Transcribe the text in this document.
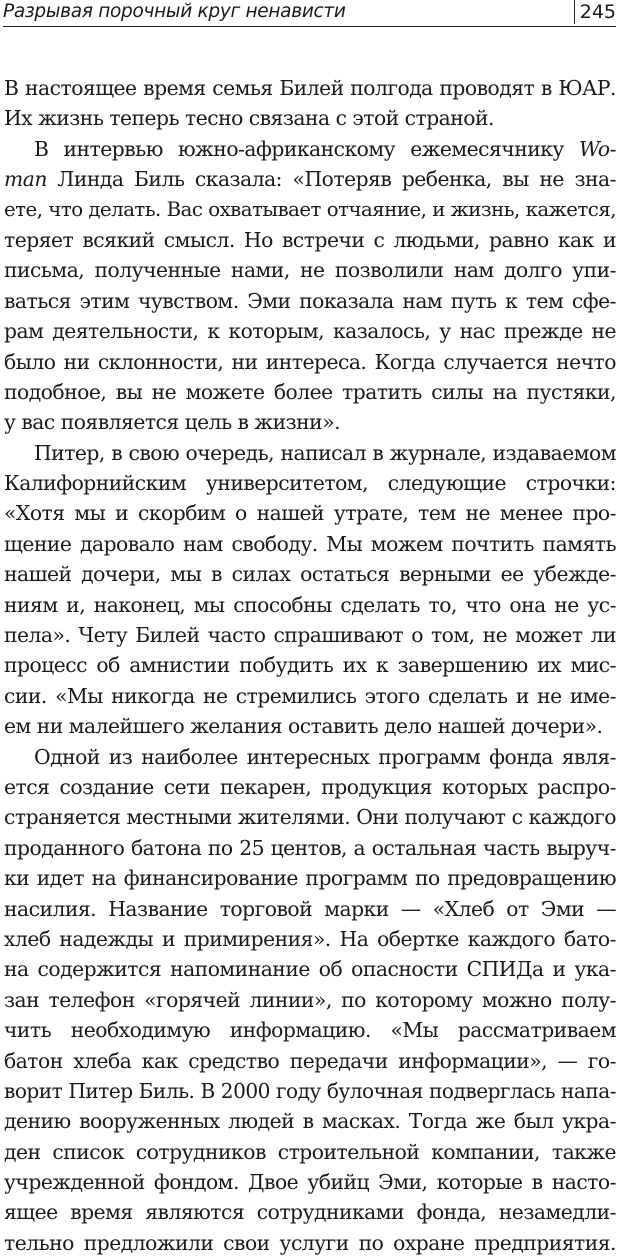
Разрывая порочный круг ненависти	245
В настоящее время семья Билей полгода проводят в ЮАР.
Их жизнь теперь тесно связана с этой страной.
В интервью южно-африканскому ежемесячнику Wo-
man Линда Биль сказала: «Потеряв ребенка, вы не зна-
ете, что делать. Вас охватывает отчаяние, и жизнь, кажется,
теряет всякий смысл. Но встречи с людьми, равно как и
письма, полученные нами, не позволили нам долго упи-
ваться этим чувством. Эми показала нам путь к тем сфе-
рам деятельности, к которым, казалось, у нас прежде не
было ни склонности, ни интереса. Когда случается нечто
подобное, вы не можете более тратить силы на пустяки,
у вас появляется цель в жизни».
Питер, в свою очередь, написал в журнале, издаваемом
Калифорнийским университетом, следующие строчки:
«Хотя мы и скорбим о нашей утрате, тем не менее про-
щение даровало нам свободу. Мы можем почтить память
нашей дочери, мы в силах остаться верными ее убежде-
ниям и, наконец, мы способны сделать то, что она не ус-
пела». Чету Билей часто спрашивают о том, не может ли
процесс об амнистии побудить их к завершению их мис-
сии. «Мы никогда не стремились этого сделать и не име-
ем ни малейшего желания оставить дело нашей дочери».
Одной из наиболее интересных программ фонда явля-
ется создание сети пекарен, продукция которых распро-
страняется местными жителями. Они получают с каждого
проданного батона по 25 центов, а остальная часть выруч-
ки идет на финансирование программ по предовращению
насилия. Название торговой марки — «Хлеб от Эми —
хлеб надежды и примирения». На обертке каждого бато-
на содержится напоминание об опасности СПИДа и ука-
зан телефон «горячей линии», по которому можно полу-
чить необходимую информацию. «Мы рассматриваем
батон хлеба как средство передачи информации», — го-
ворит Питер Биль. В 2000 году булочная подверглась напа-
дению вооруженных людей в масках. Тогда же был укра-
ден список сотрудников строительной компании, также
учрежденной фондом. Двое убийц Эми, которые в насто-
ящее время являются сотрудниками фонда, незамедли-
тельно предложили свои услуги по охране предприятия.
